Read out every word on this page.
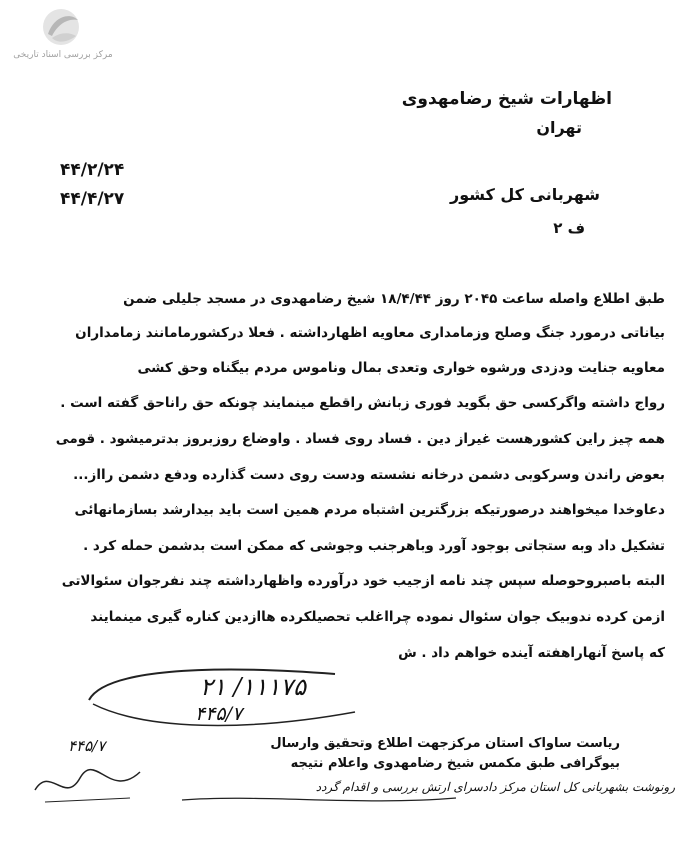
مرکز بررسی اسناد تاریخی
اظهارات شیخ رضامهدوی
تهران
۴۴/۲/۲۴
۴۴/۴/۲۷	شهربانی کل کشور
ف ۲
طبق اطلاع واصله ساعت ۲۰۴۵ روز ۱۸/۴/۴۴ شیخ رضامهدوی در مسجد جلیلی ضمن
بیاناتی درمورد جنگ وصلح وزمامداری معاویه اظهارداشته . فعلا درکشورمامانند زمامداران
معاویه جنایت ودزدی ورشوه خواری وتعدی بمال وناموس مردم بیگناه وحق کشی
رواج داشته واگرکسی حق بگوید فوری زبانش راقطع مینمایند چونکه حق راناحق گفته است .
همه چیز راین کشورهست غیراز دین . فساد روی فساد . واوضاع روزبروز بدترمیشود . قومی
بعوض راندن وسرکوبی دشمن درخانه نشسته ودست روی دست گذارده ودفع دشمن رااز...
دعاوخدا میخواهند درصورتیکه بزرگترین اشتباه مردم همین است باید بیدارشد بسازمانهائی
تشکیل داد وبه ستجاتی بوجود آورد وباهرجنب وجوشی که ممکن است بدشمن حمله کرد .
البته باصبروحوصله سپس چند نامه ازجیب خود درآورده واظهارداشته چند نفرجوان سئوالاتی
ازمن کرده ندوبیک جوان سئوال نموده چرااغلب تحصیلکرده هاازدین کناره گیری مینمایند
که پاسخ آنهاراهفته آینده خواهم داد . ش
۱۱۱۷۵/ ۲۱
۴۴۵/۷
ریاست ساواک استان مرکزجهت اطلاع وتحقیق وارسال
بیوگرافی طبق مکمس شیخ رضامهدوی واعلام نتیجه
۴۴۵/۷
رونوشت بشهربانی کل استان مرکز دادسرای ارتش بررسی و اقدام گردد
